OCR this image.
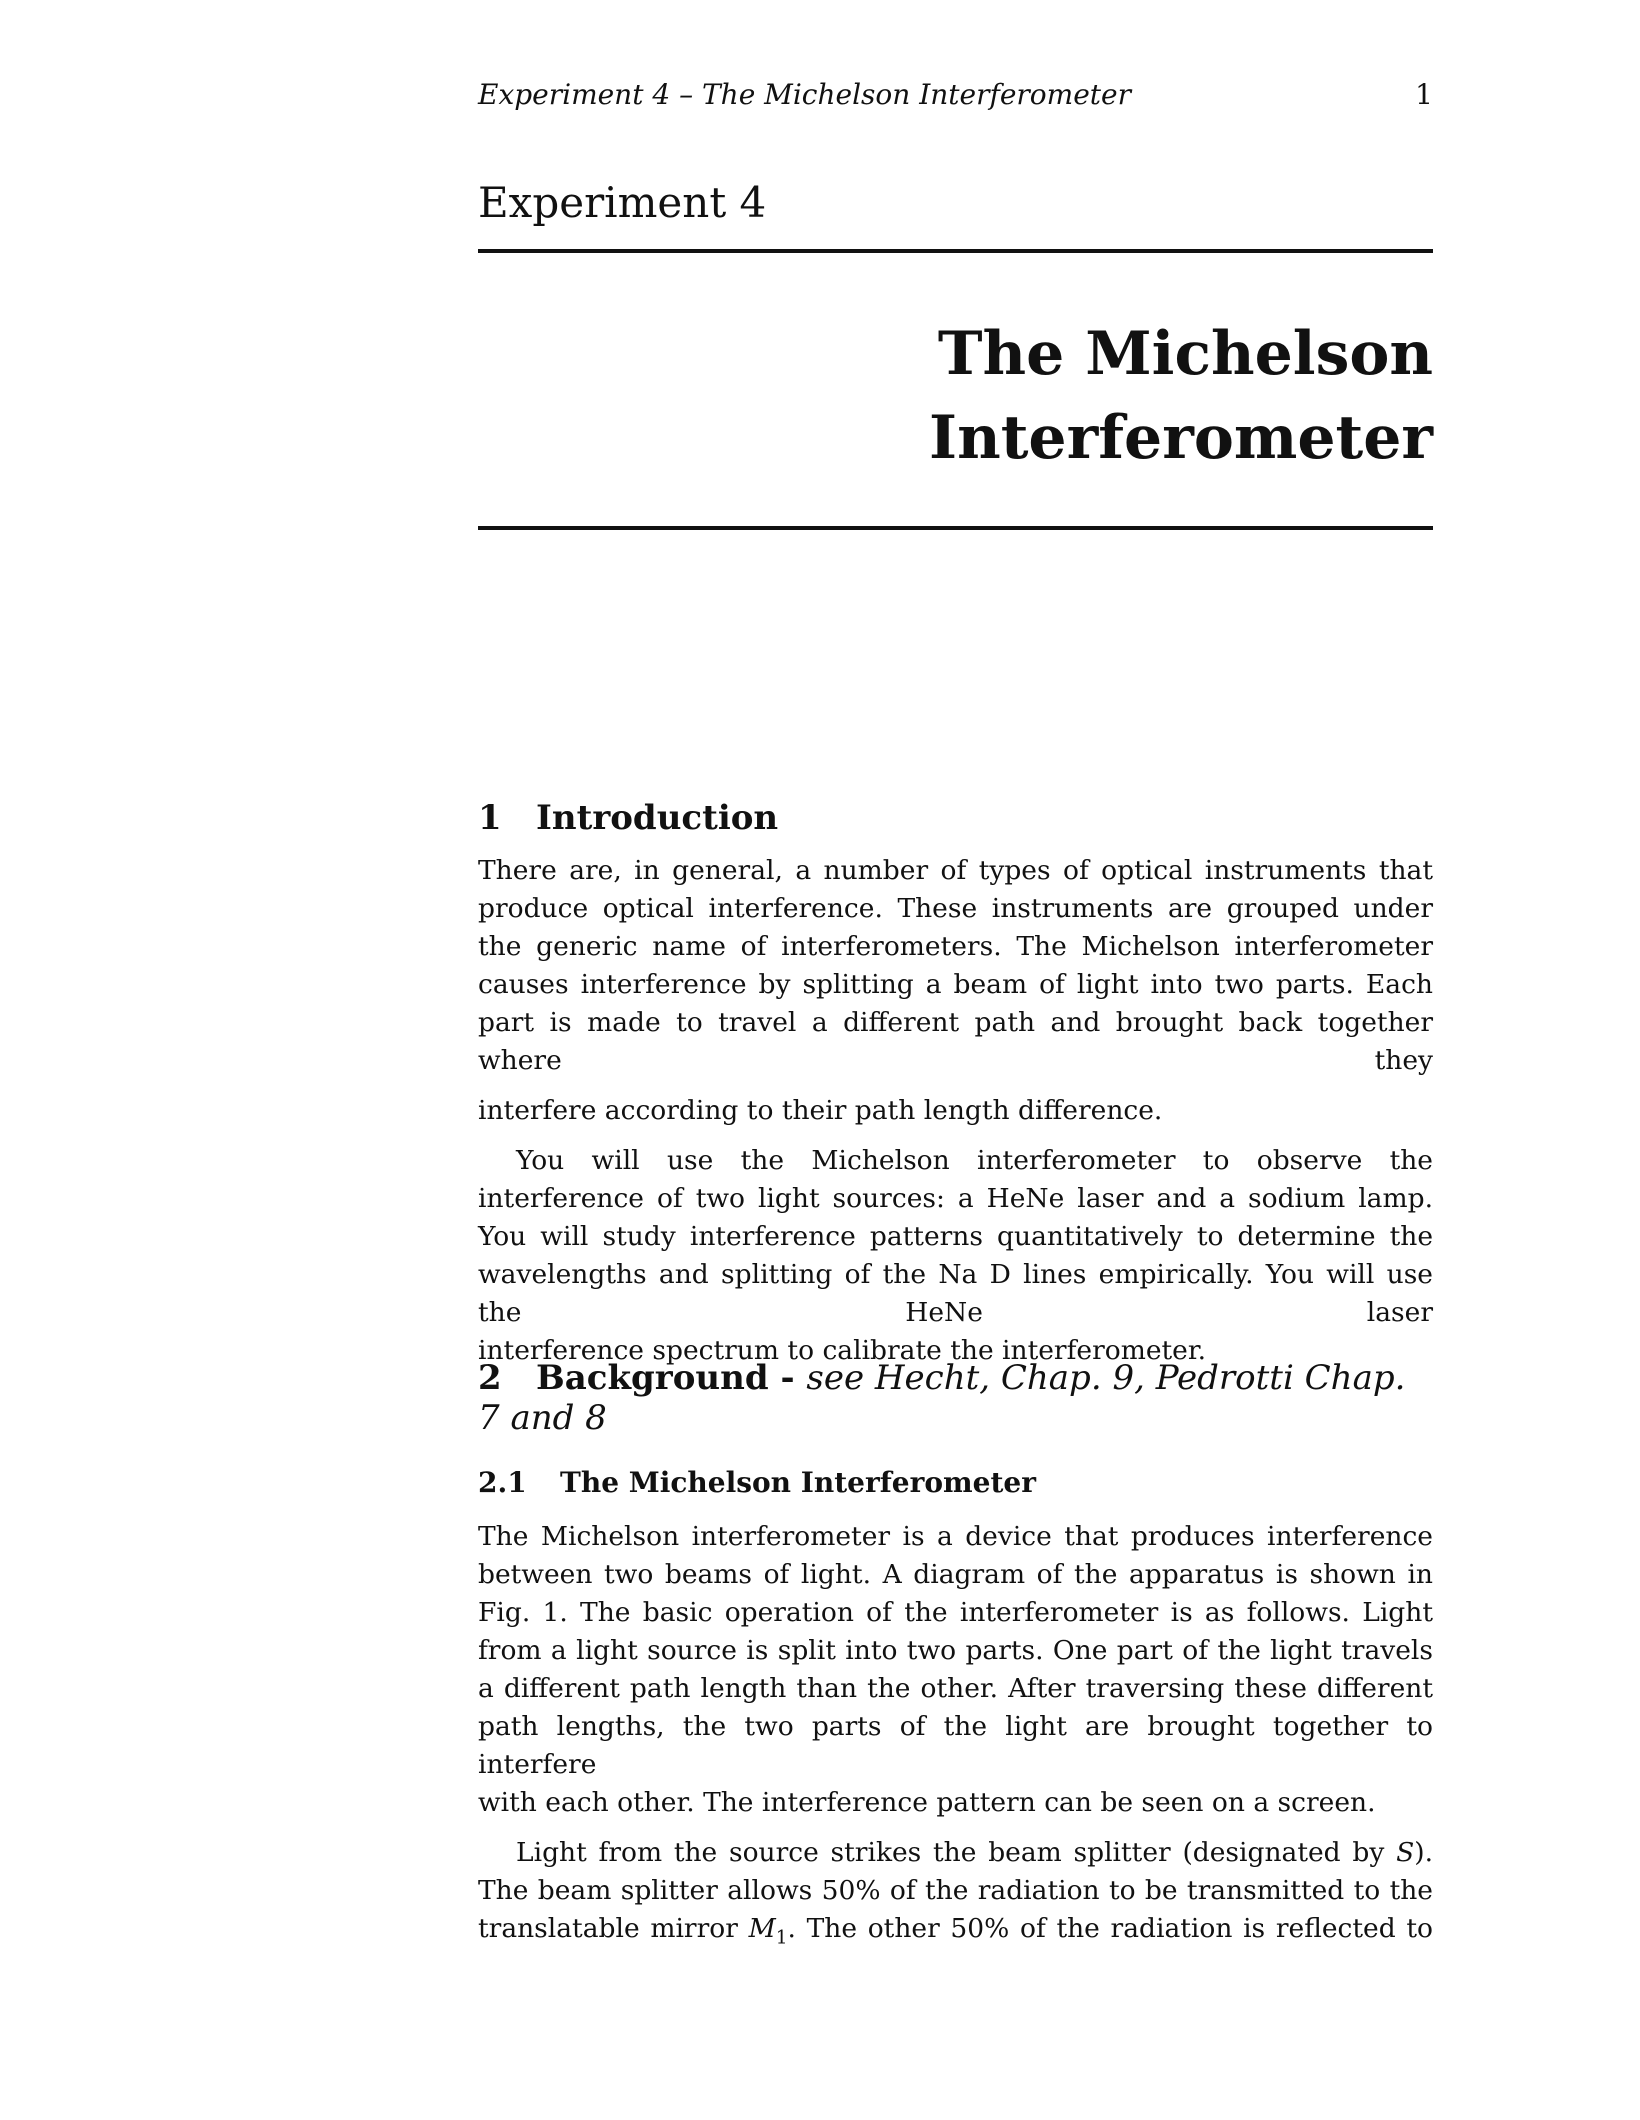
Experiment 4 – The Michelson Interferometer	1
Experiment 4
The Michelson
Interferometer
1 Introduction

There are, in general, a number of types of optical instruments that produce optical interference. These instruments are grouped under the generic name of interferometers. The Michelson interferometer causes interference by splitting a beam of light into two parts. Each part is made to travel a different path and brought back together where they

interfere according to their path length difference.

You will use the Michelson interferometer to observe the interference of two light sources: a HeNe laser and a sodium lamp. You will study interference patterns quantitatively to determine the wavelengths and splitting of the Na D lines empirically. You will use the HeNe laser

interference spectrum to calibrate the interferometer.

2 Background - see Hecht, Chap. 9, Pedrotti Chap. 7 and 8
2.1 The Michelson Interferometer

The Michelson interferometer is a device that produces interference between two beams of light. A diagram of the apparatus is shown in Fig. 1. The basic operation of the interferometer is as follows. Light from a light source is split into two parts. One part of the light travels a different path length than the other. After traversing these different path lengths, the two parts of the light are brought together to interfere

with each other. The interference pattern can be seen on a screen.

Light from the source strikes the beam splitter (designated by S). The beam splitter allows 50% of the radiation to be transmitted to the translatable mirror $M_1$. The other 50% of the radiation is reflected to
